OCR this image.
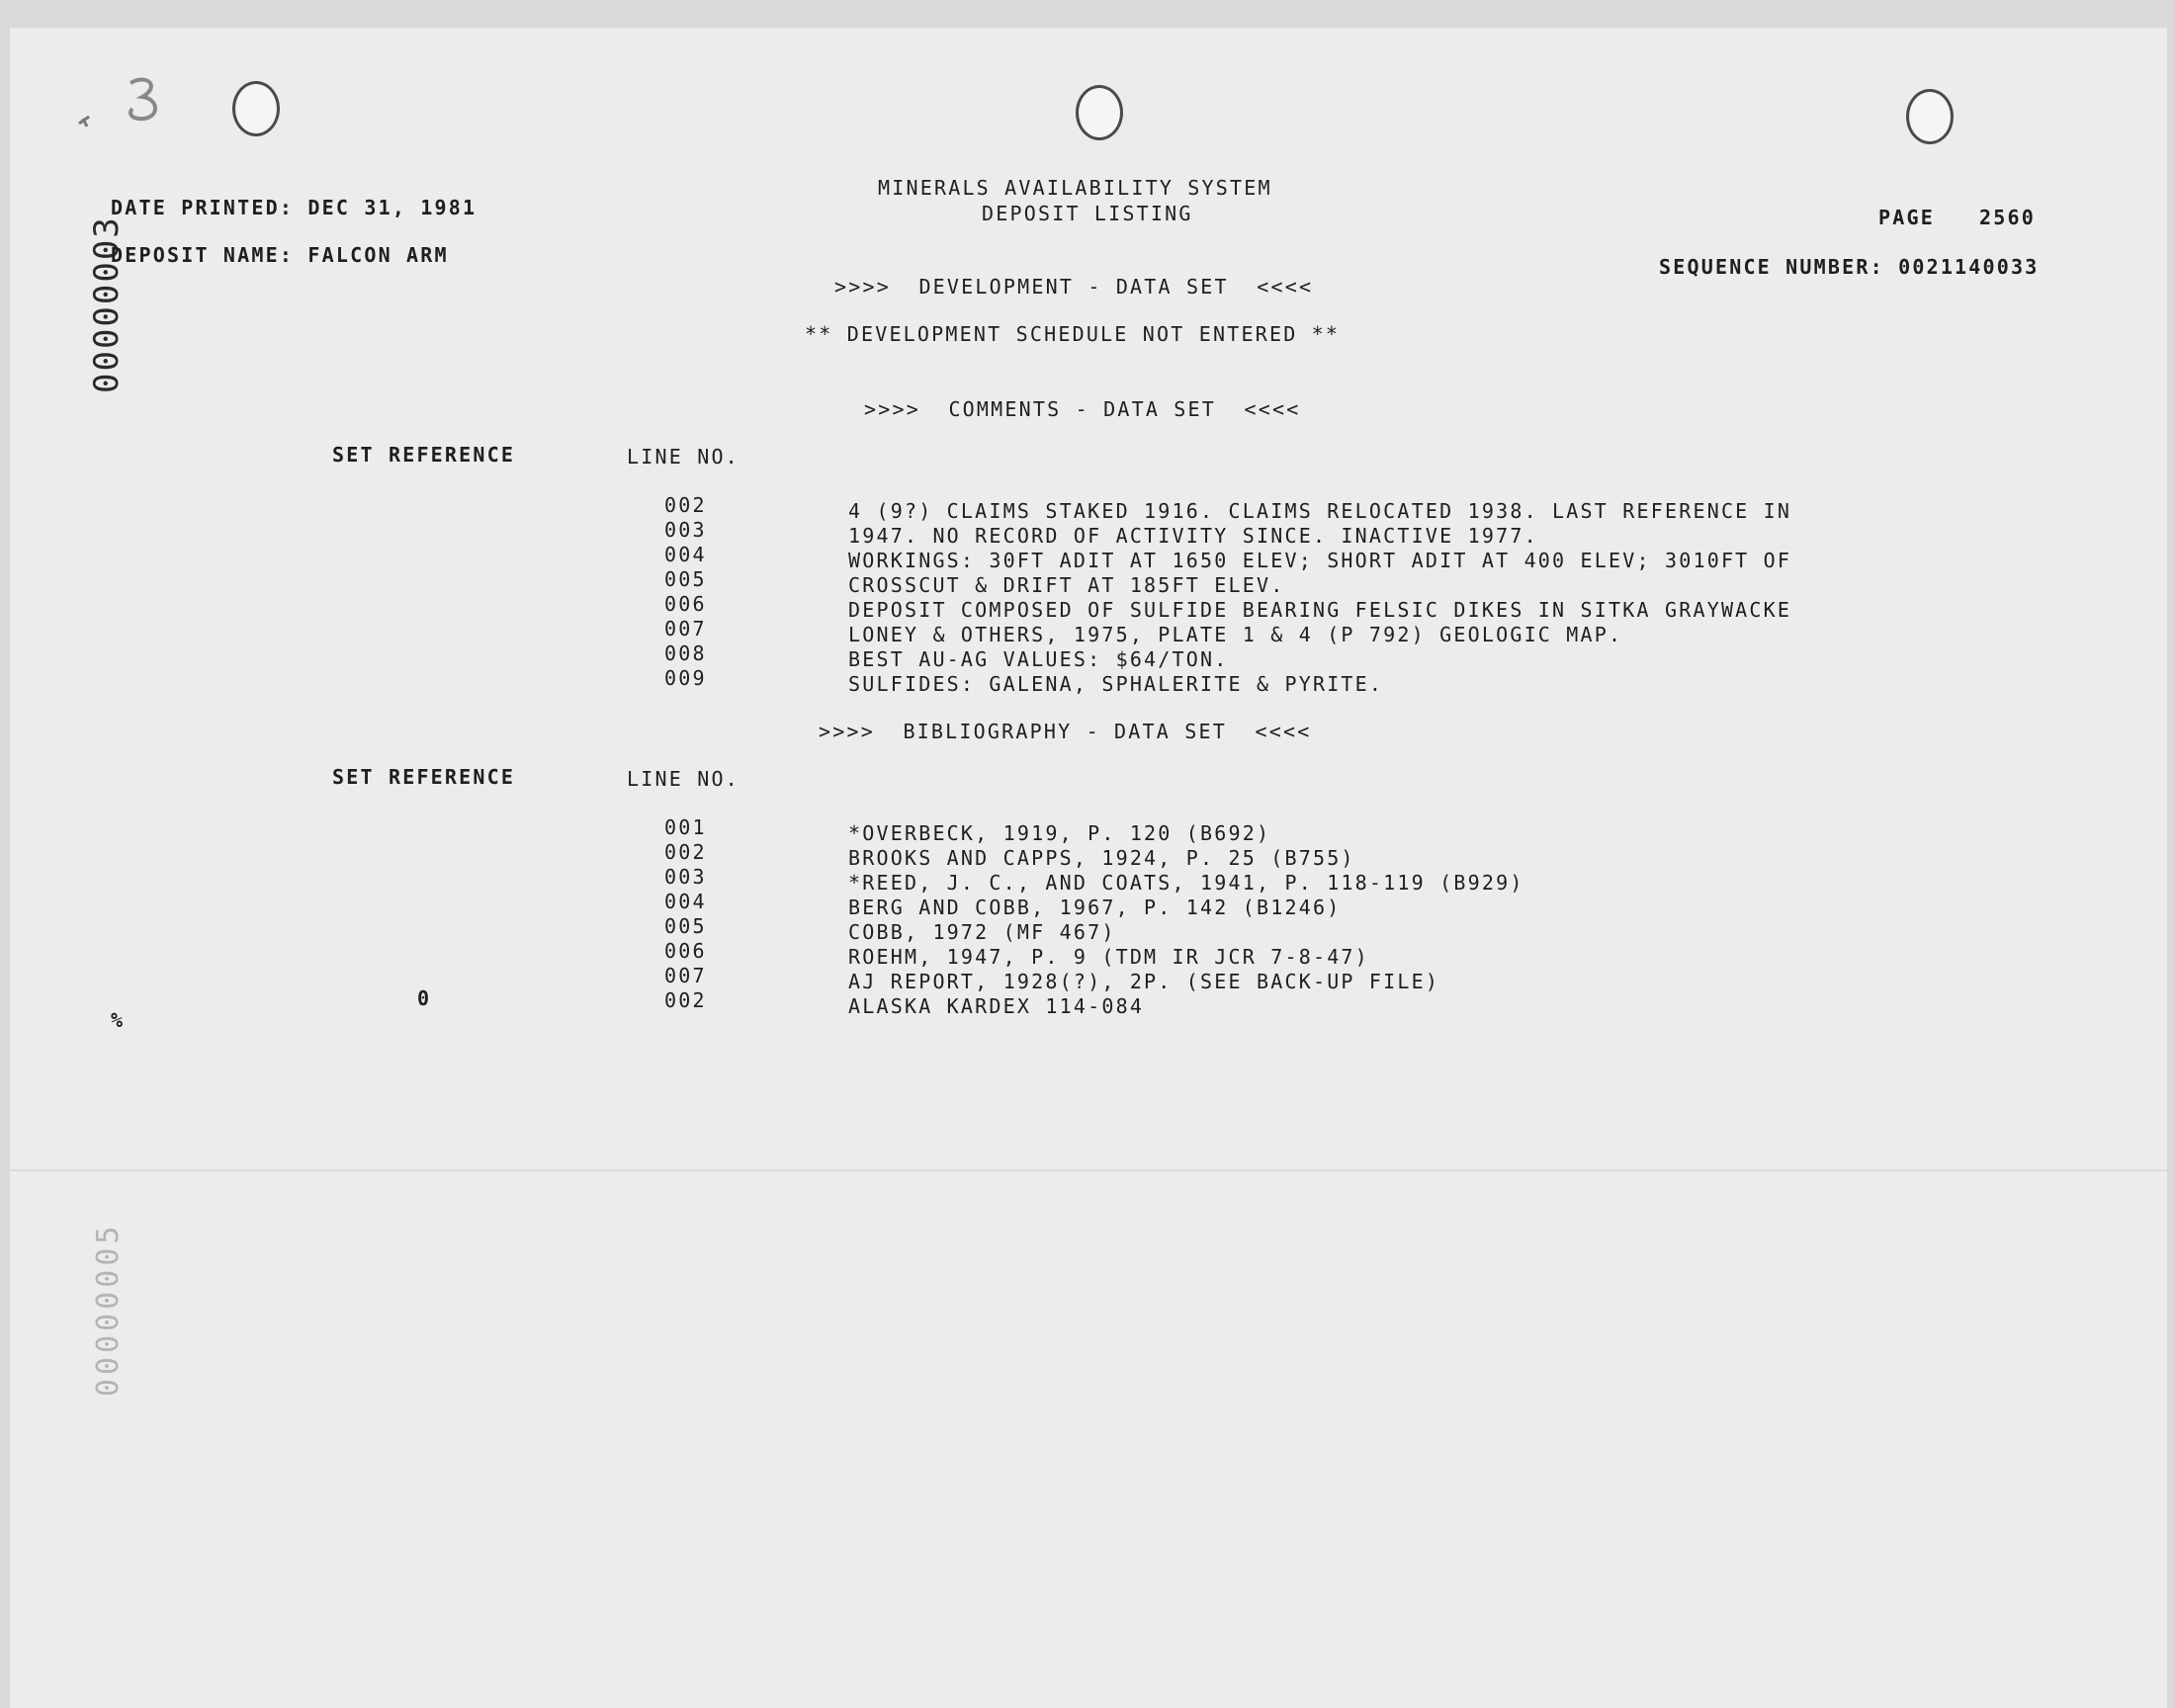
00000003
00000005
MINERALS AVAILABILITY SYSTEM
DEPOSIT LISTING
DATE PRINTED: DEC 31, 1981
DEPOSIT NAME: FALCON ARM
PAGE 2560
SEQUENCE NUMBER: 0021140033
>>>>  DEVELOPMENT - DATA SET  <<<<
** DEVELOPMENT SCHEDULE NOT ENTERED **
>>>>  COMMENTS - DATA SET  <<<<
SET REFERENCE	LINE NO.
002	4 (9?) CLAIMS STAKED 1916. CLAIMS RELOCATED 1938. LAST REFERENCE IN
003	1947. NO RECORD OF ACTIVITY SINCE. INACTIVE 1977.
004	WORKINGS: 30FT ADIT AT 1650 ELEV; SHORT ADIT AT 400 ELEV; 3010FT OF
005	CROSSCUT & DRIFT AT 185FT ELEV.
006	DEPOSIT COMPOSED OF SULFIDE BEARING FELSIC DIKES IN SITKA GRAYWACKE
007	LONEY & OTHERS, 1975, PLATE 1 & 4 (P 792) GEOLOGIC MAP.
008	BEST AU-AG VALUES: $64/TON.
009	SULFIDES: GALENA, SPHALERITE & PYRITE.
>>>>  BIBLIOGRAPHY - DATA SET  <<<<
SET REFERENCE	LINE NO.
001	*OVERBECK, 1919, P. 120 (B692)
002	BROOKS AND CAPPS, 1924, P. 25 (B755)
003	*REED, J. C., AND COATS, 1941, P. 118-119 (B929)
004	BERG AND COBB, 1967, P. 142 (B1246)
005	COBB, 1972 (MF 467)
006	ROEHM, 1947, P. 9 (TDM IR JCR 7-8-47)
007	AJ REPORT, 1928(?), 2P. (SEE BACK-UP FILE)
0	002	ALASKA KARDEX 114-084
%
